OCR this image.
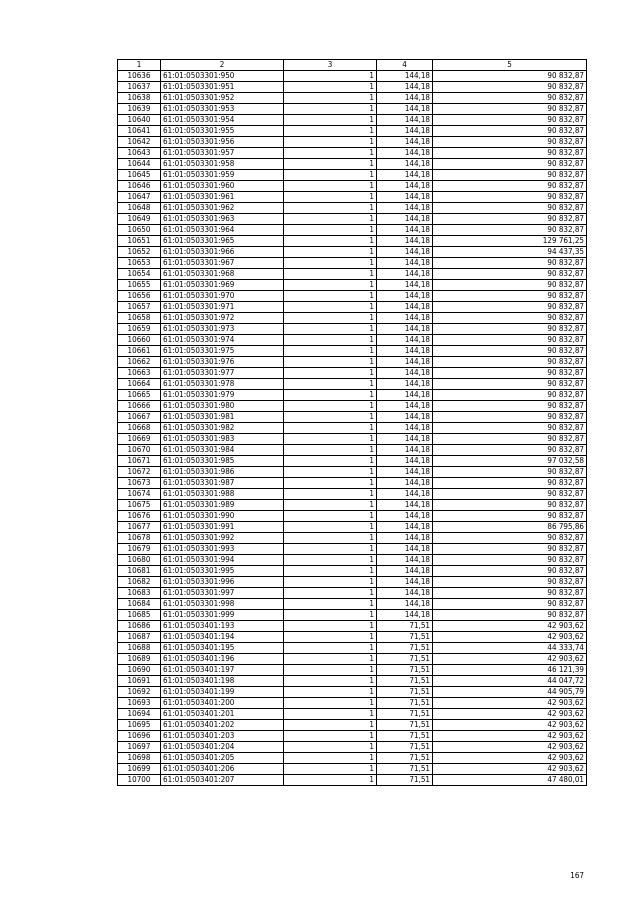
1	2	3	4	5
10636	61:01:0503301:950	1	144,18	90 832,87
10637	61:01:0503301:951	1	144,18	90 832,87
10638	61:01:0503301:952	1	144,18	90 832,87
10639	61:01:0503301:953	1	144,18	90 832,87
10640	61:01:0503301:954	1	144,18	90 832,87
10641	61:01:0503301:955	1	144,18	90 832,87
10642	61:01:0503301:956	1	144,18	90 832,87
10643	61:01:0503301:957	1	144,18	90 832,87
10644	61:01:0503301:958	1	144,18	90 832,87
10645	61:01:0503301:959	1	144,18	90 832,87
10646	61:01:0503301:960	1	144,18	90 832,87
10647	61:01:0503301:961	1	144,18	90 832,87
10648	61:01:0503301:962	1	144,18	90 832,87
10649	61:01:0503301:963	1	144,18	90 832,87
10650	61:01:0503301:964	1	144,18	90 832,87
10651	61:01:0503301:965	1	144,18	129 761,25
10652	61:01:0503301:966	1	144,18	94 437,35
10653	61:01:0503301:967	1	144,18	90 832,87
10654	61:01:0503301:968	1	144,18	90 832,87
10655	61:01:0503301:969	1	144,18	90 832,87
10656	61:01:0503301:970	1	144,18	90 832,87
10657	61:01:0503301:971	1	144,18	90 832,87
10658	61:01:0503301:972	1	144,18	90 832,87
10659	61:01:0503301:973	1	144,18	90 832,87
10660	61:01:0503301:974	1	144,18	90 832,87
10661	61:01:0503301:975	1	144,18	90 832,87
10662	61:01:0503301:976	1	144,18	90 832,87
10663	61:01:0503301:977	1	144,18	90 832,87
10664	61:01:0503301:978	1	144,18	90 832,87
10665	61:01:0503301:979	1	144,18	90 832,87
10666	61:01:0503301:980	1	144,18	90 832,87
10667	61:01:0503301:981	1	144,18	90 832,87
10668	61:01:0503301:982	1	144,18	90 832,87
10669	61:01:0503301:983	1	144,18	90 832,87
10670	61:01:0503301:984	1	144,18	90 832,87
10671	61:01:0503301:985	1	144,18	97 032,58
10672	61:01:0503301:986	1	144,18	90 832,87
10673	61:01:0503301:987	1	144,18	90 832,87
10674	61:01:0503301:988	1	144,18	90 832,87
10675	61:01:0503301:989	1	144,18	90 832,87
10676	61:01:0503301:990	1	144,18	90 832,87
10677	61:01:0503301:991	1	144,18	86 795,86
10678	61:01:0503301:992	1	144,18	90 832,87
10679	61:01:0503301:993	1	144,18	90 832,87
10680	61:01:0503301:994	1	144,18	90 832,87
10681	61:01:0503301:995	1	144,18	90 832,87
10682	61:01:0503301:996	1	144,18	90 832,87
10683	61:01:0503301:997	1	144,18	90 832,87
10684	61:01:0503301:998	1	144,18	90 832,87
10685	61:01:0503301:999	1	144,18	90 832,87
10686	61:01:0503401:193	1	71,51	42 903,62
10687	61:01:0503401:194	1	71,51	42 903,62
10688	61:01:0503401:195	1	71,51	44 333,74
10689	61:01:0503401:196	1	71,51	42 903,62
10690	61:01:0503401:197	1	71,51	46 121,39
10691	61:01:0503401:198	1	71,51	44 047,72
10692	61:01:0503401:199	1	71,51	44 905,79
10693	61:01:0503401:200	1	71,51	42 903,62
10694	61:01:0503401:201	1	71,51	42 903,62
10695	61:01:0503401:202	1	71,51	42 903,62
10696	61:01:0503401:203	1	71,51	42 903,62
10697	61:01:0503401:204	1	71,51	42 903,62
10698	61:01:0503401:205	1	71,51	42 903,62
10699	61:01:0503401:206	1	71,51	42 903,62
10700	61:01:0503401:207	1	71,51	47 480,01
167
